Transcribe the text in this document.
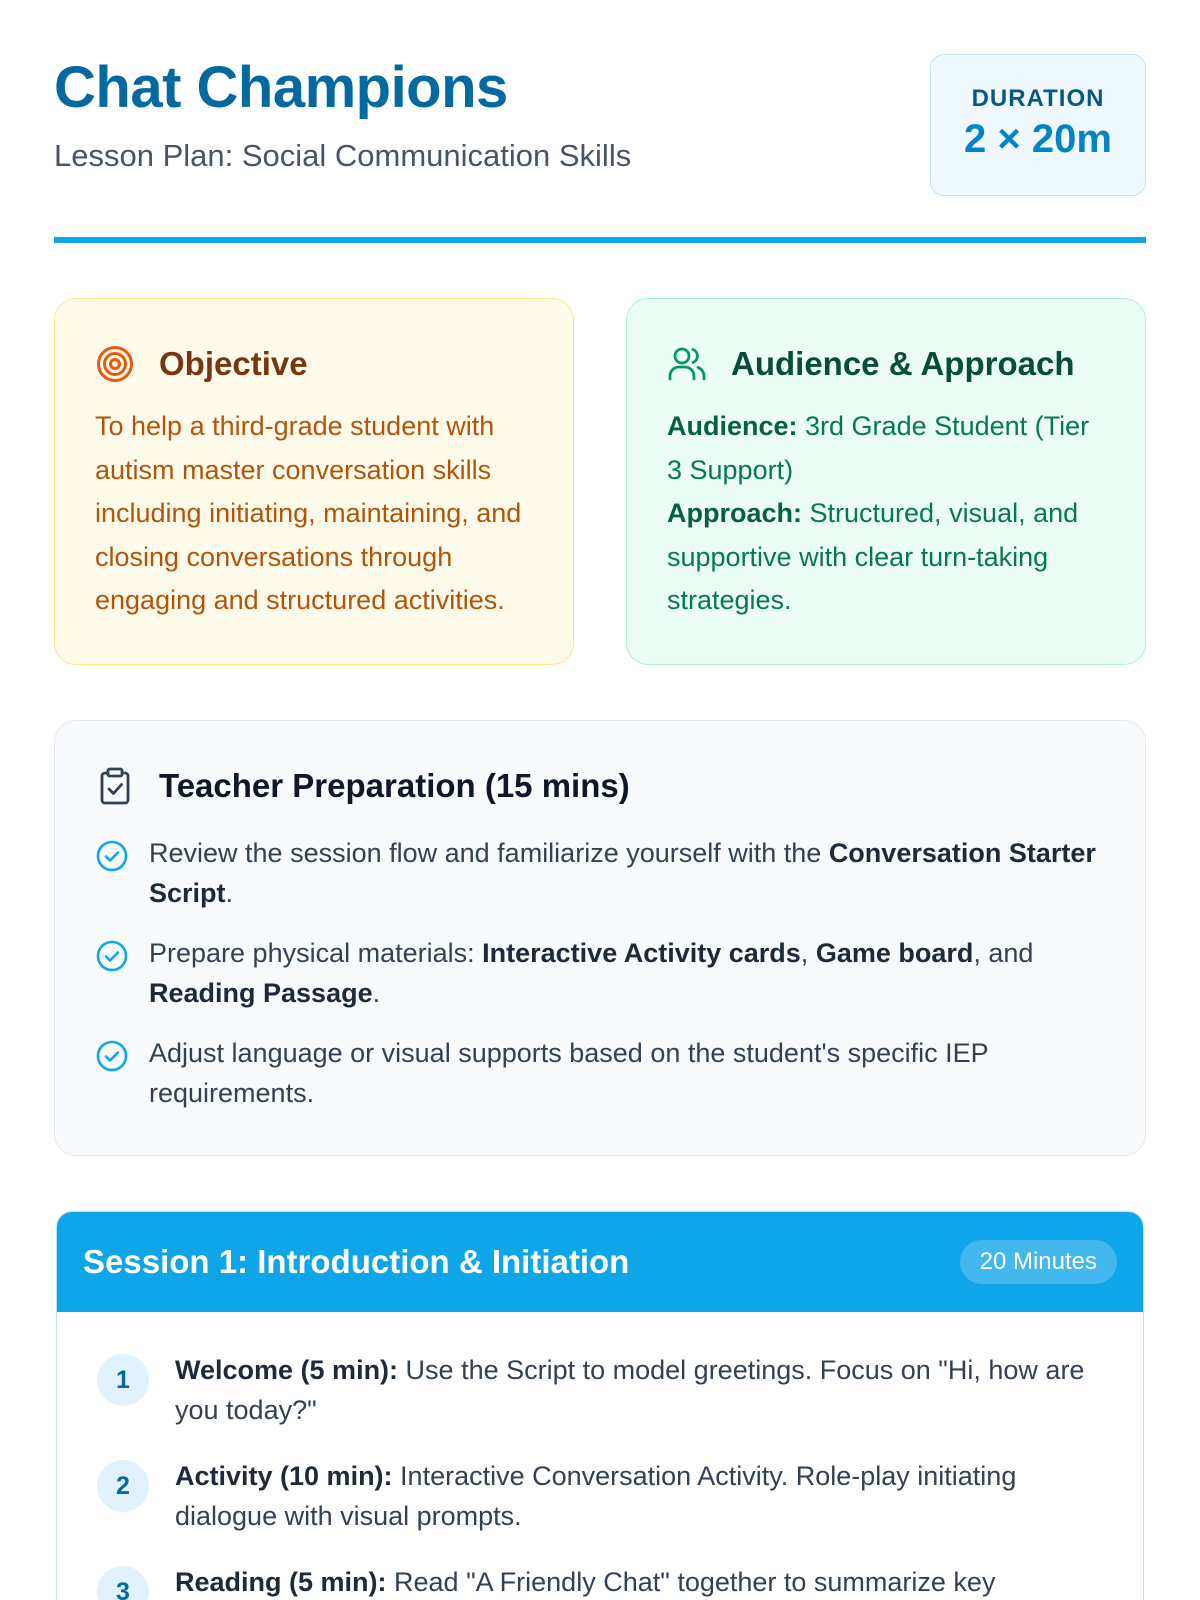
Chat Champions
Lesson Plan: Social Communication Skills
DURATION
2 × 20m
Objective

To help a third-grade student with autism master conversation skills including initiating, maintaining, and closing conversations through engaging and structured activities.

Audience & Approach

Audience: 3rd Grade Student (Tier 3 Support)
Approach: Structured, visual, and supportive with clear turn-taking strategies.

Teacher Preparation (15 mins)

Review the session flow and familiarize yourself with the Conversation Starter Script.

Prepare physical materials: Interactive Activity cards, Game board, and Reading Passage.

Adjust language or visual supports based on the student's specific IEP requirements.

Session 1: Introduction & Initiation	20 Minutes
1	Welcome (5 min): Use the Script to model greetings. Focus on "Hi, how are you today?"

2	Activity (10 min): Interactive Conversation Activity. Role-play initiating dialogue with visual prompts.

3	Reading (5 min): Read "A Friendly Chat" together to summarize key
